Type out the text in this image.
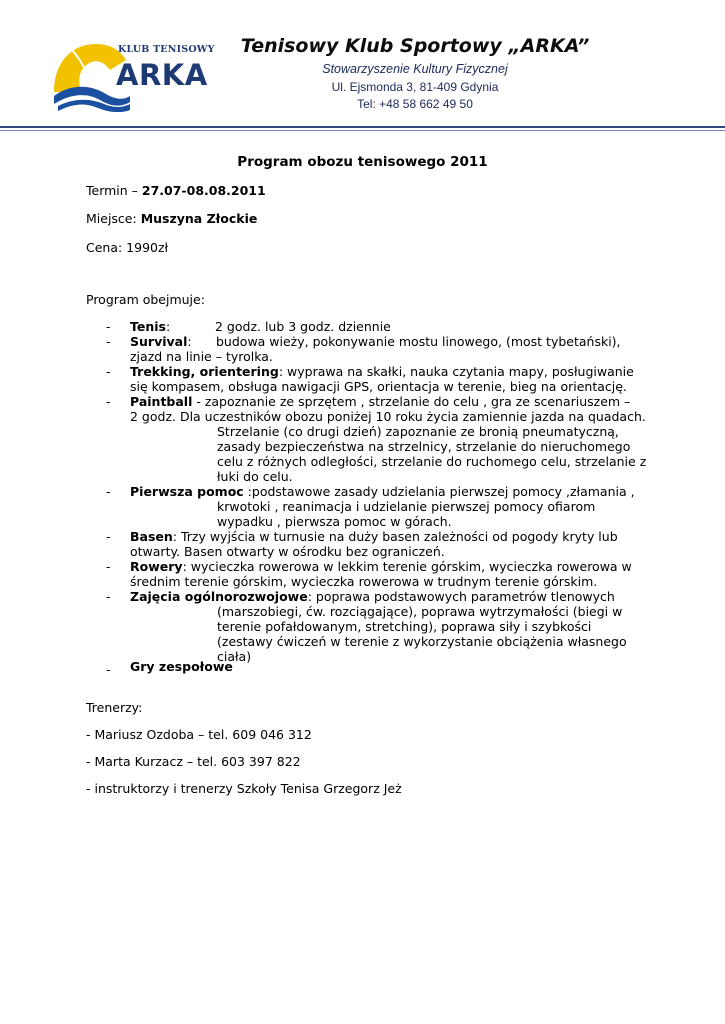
KLUB TENISOWY
ARKA
Tenisowy Klub Sportowy „ARKA”
Stowarzyszenie Kultury Fizycznej
Ul. Ejsmonda 3, 81-409 Gdynia
Tel: +48 58 662 49 50
Program obozu tenisowego 2011
Termin – 27.07-08.08.2011
Miejsce: Muszyna Złockie
Cena: 1990zł
Program obejmuje:
- Tenis:	2 godz. lub 3 godz. dziennie
- Survival: budowa wieży, pokonywanie mostu linowego, (most tybetański),
zjazd na linie – tyrolka.
- Trekking, orientering: wyprawa na skałki, nauka czytania mapy, posługiwanie
się kompasem, obsługa nawigacji GPS, orientacja w terenie, bieg na orientację.
- Paintball - zapoznanie ze sprzętem , strzelanie do celu , gra ze scenariuszem –
2 godz. Dla uczestników obozu poniżej 10 roku życia zamiennie jazda na quadach.
Strzelanie (co drugi dzień) zapoznanie ze bronią pneumatyczną,
zasady bezpieczeństwa na strzelnicy, strzelanie do nieruchomego
celu z różnych odległości, strzelanie do ruchomego celu, strzelanie z
łuki do celu.
- Pierwsza pomoc :podstawowe zasady udzielania pierwszej pomocy ,złamania ,
krwotoki , reanimacja i udzielanie pierwszej pomocy ofiarom
wypadku , pierwsza pomoc w górach.
- Basen: Trzy wyjścia w turnusie na duży basen zależności od pogody kryty lub
otwarty. Basen otwarty w ośrodku bez ograniczeń.
- Rowery: wycieczka rowerowa w lekkim terenie górskim, wycieczka rowerowa w
średnim terenie górskim, wycieczka rowerowa w trudnym terenie górskim.
- Zajęcia ogólnorozwojowe: poprawa podstawowych parametrów tlenowych
(marszobiegi, ćw. rozciągające), poprawa wytrzymałości (biegi w
terenie pofałdowanym, stretching), poprawa siły i szybkości
(zestawy ćwiczeń w terenie z wykorzystanie obciążenia własnego
ciała)
- Gry zespołowe
Trenerzy:
- Mariusz Ozdoba – tel. 609 046 312
- Marta Kurzacz – tel. 603 397 822
- instruktorzy i trenerzy Szkoły Tenisa Grzegorz Jeż
